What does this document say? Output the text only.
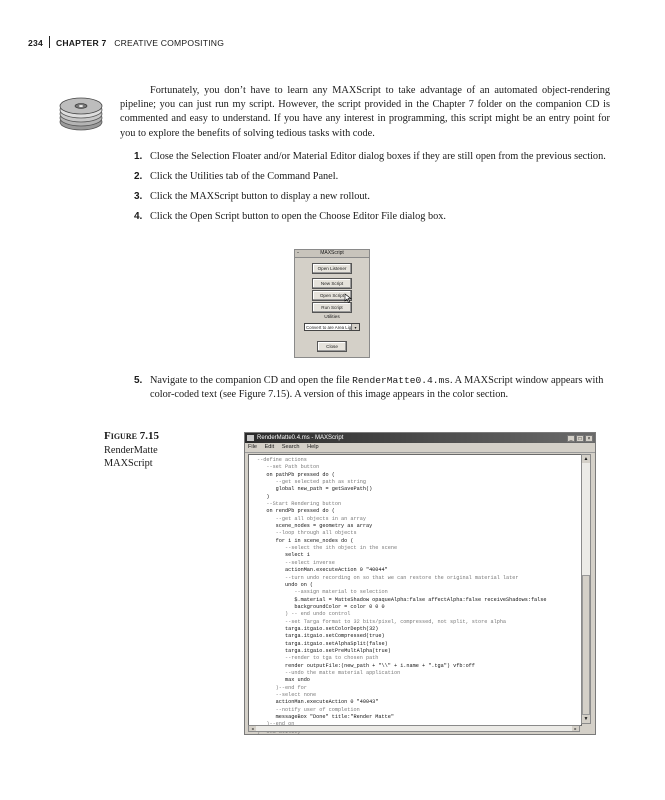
234 CHAPTER 7 CREATIVE COMPOSITING

Fortunately, you don’t have to learn any MAXScript to take advantage of an automated object-rendering pipeline; you can just run my script. However, the script provided in the Chapter 7 folder on the companion CD is commented and easy to understand. If you have any interest in programming, this script might be an entry point for you to explore the benefits of solving tedious tasks with code.

1. Close the Selection Floater and/or Material Editor dialog boxes if they are still open from the previous section.
2. Click the Utilities tab of the Command Panel.
3. Click the MAXScript button to display a new rollout.
4. Click the Open Script button to open the Choose Editor File dialog box.
-	MAXScript
Open Listener
New Script
Open Script
Run Script
Utilities
Convert to are Area Lig ▾
Close
5. Navigate to the companion CD and open the file RenderMatte0.4.ms. A MAXScript window appears with color-coded text (see Figure 7.15). A version of this image appears in the color section.
Figure 7.15
RenderMatte
MAXScript
RenderMatte0.4.ms - MAXScript	_ □ ×
File Edit Search Help
--define actions
--set Path button
on pathPb pressed do (
--get selected path as string
global new_path = getSavePath()
)
--Start Rendering button
on rendPb pressed do (
--get all objects in an array
scene_nodes = geometry as array
--loop through all objects
for i in scene_nodes do (
--select the ith object in the scene
select i
--select inverse
actionMan.executeAction 0 "40044"
--turn undo recording on so that we can restore the original material later
undo on (
--assign material to selection
$.material = MatteShadow opaqueAlpha:false affectAlpha:false receiveShadows:false
backgroundColor = color 0 0 0
) -- end undo control
--set Targa format to 32 bits/pixel, compressed, not split, store alpha
targa.itgaio.setColorDepth(32)
targa.itgaio.setCompressed(true)
targa.itgaio.setAlphaSplit(false)
targa.itgaio.setPreMultAlpha(true)
--render to tga to chosen path
render outputFile:(new_path + "\\" + i.name + ".tga") vfb:off
--undo the matte material application
max undo
)--end for
--select none
actionMan.executeAction 0 "40043"
--notify user of completion
messageBox "Done" title:"Render Matte"
▲
▼
◂	▸
